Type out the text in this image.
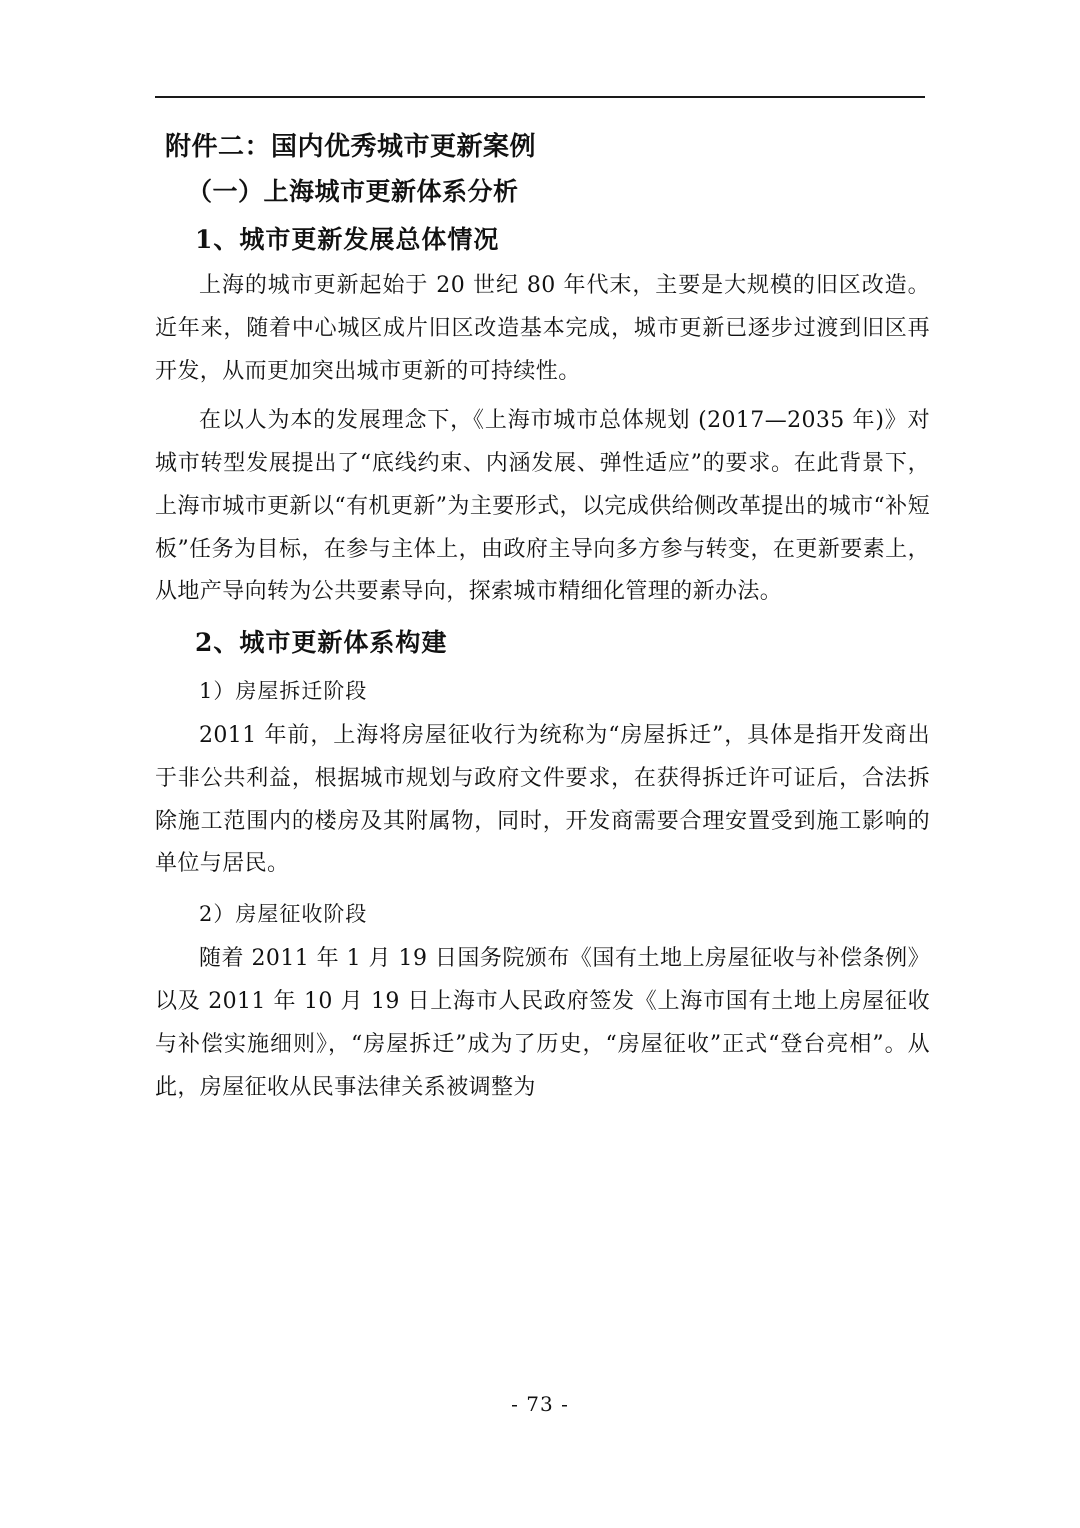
附件二：国内优秀城市更新案例
（一）上海城市更新体系分析
1、城市更新发展总体情况

上海的城市更新起始于 20 世纪 80 年代末，主要是大规模的旧区改造。近年来，随着中心城区成片旧区改造基本完成，城市更新已逐步过渡到旧区再开发，从而更加突出城市更新的可持续性。

在以人为本的发展理念下，《上海市城市总体规划 (2017—2035 年)》对城市转型发展提出了“底线约束、内涵发展、弹性适应”的要求。在此背景下，上海市城市更新以“有机更新”为主要形式，以完成供给侧改革提出的城市“补短板”任务为目标，在参与主体上，由政府主导向多方参与转变，在更新要素上，从地产导向转为公共要素导向，探索城市精细化管理的新办法。

2、城市更新体系构建
1）房屋拆迁阶段

2011 年前，上海将房屋征收行为统称为“房屋拆迁”，具体是指开发商出于非公共利益，根据城市规划与政府文件要求，在获得拆迁许可证后，合法拆除施工范围内的楼房及其附属物，同时，开发商需要合理安置受到施工影响的单位与居民。

2）房屋征收阶段

随着 2011 年 1 月 19 日国务院颁布《国有土地上房屋征收与补偿条例》以及 2011 年 10 月 19 日上海市人民政府签发《上海市国有土地上房屋征收与补偿实施细则》，“房屋拆迁”成为了历史，“房屋征收”正式“登台亮相”。从此，房屋征收从民事法律关系被调整为

- 73 -
